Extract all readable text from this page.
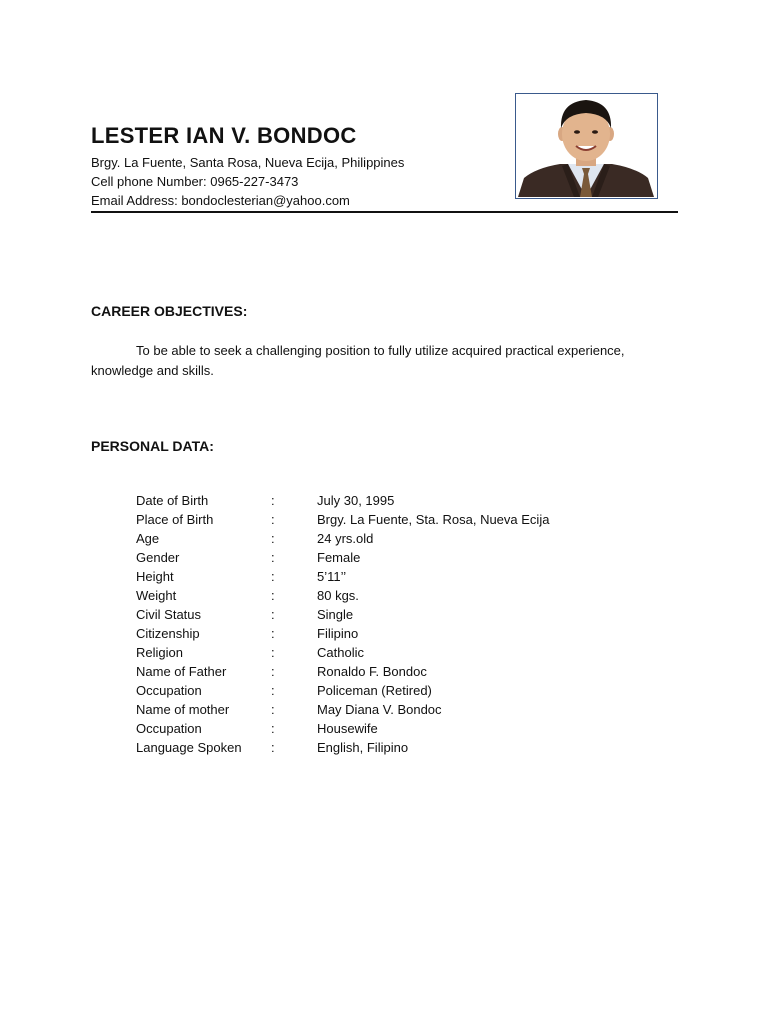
LESTER IAN V. BONDOC
Brgy. La Fuente, Santa Rosa, Nueva Ecija, Philippines
Cell phone Number: 0965-227-3473
Email Address: bondoclesterian@yahoo.com
CAREER OBJECTIVES:
To be able to seek a challenging position to fully utilize acquired practical experience, knowledge and skills.
PERSONAL DATA:
Date of Birth	:	July 30, 1995
Place of Birth	:	Brgy. La Fuente, Sta. Rosa, Nueva Ecija
Age	:	24 yrs.old
Gender	:	Female
Height	:	5’11’’
Weight	:	80 kgs.
Civil Status	:	Single
Citizenship	:	Filipino
Religion	:	Catholic
Name of Father	:	Ronaldo F. Bondoc
Occupation	:	Policeman (Retired)
Name of mother	:	May Diana V. Bondoc
Occupation	:	Housewife
Language Spoken :	English, Filipino
